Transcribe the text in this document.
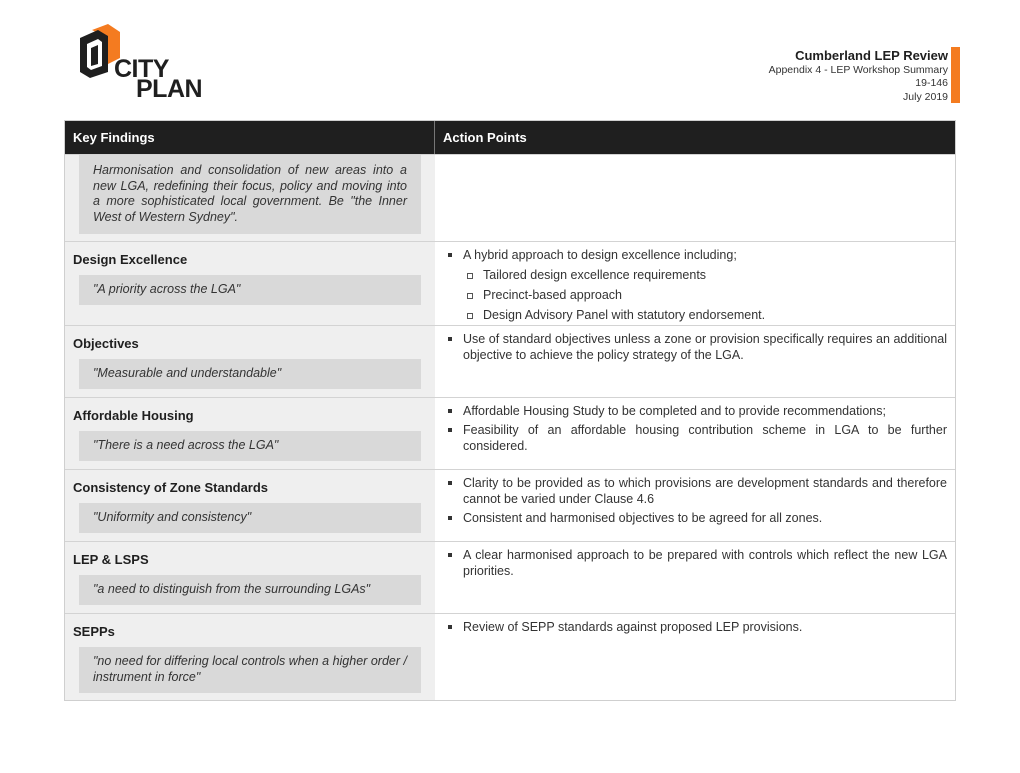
CITY
PLAN
Cumberland LEP Review
Appendix 4 - LEP Workshop Summary
19-146
July 2019
Key Findings	Action Points
Harmonisation and consolidation of new areas into a new LGA, redefining their focus, policy and moving into a more sophisticated local government. Be "the Inner West of Western Sydney".
Design Excellence
"A priority across the LGA"
A hybrid approach to design excellence including;
Tailored design excellence requirements
Precinct-based approach
Design Advisory Panel with statutory endorsement.
Objectives
"Measurable and understandable"
Use of standard objectives unless a zone or provision specifically requires an additional objective to achieve the policy strategy of the LGA.
Affordable Housing
"There is a need across the LGA"
Affordable Housing Study to be completed and to provide recommendations;
Feasibility of an affordable housing contribution scheme in LGA to be further considered.
Consistency of Zone Standards
"Uniformity and consistency"
Clarity to be provided as to which provisions are development standards and therefore cannot be varied under Clause 4.6
Consistent and harmonised objectives to be agreed for all zones.
LEP & LSPS
"a need to distinguish from the surrounding LGAs"
A clear harmonised approach to be prepared with controls which reflect the new LGA priorities.
SEPPs
"no need for differing local controls when a higher order / instrument in force"
Review of SEPP standards against proposed LEP provisions.
